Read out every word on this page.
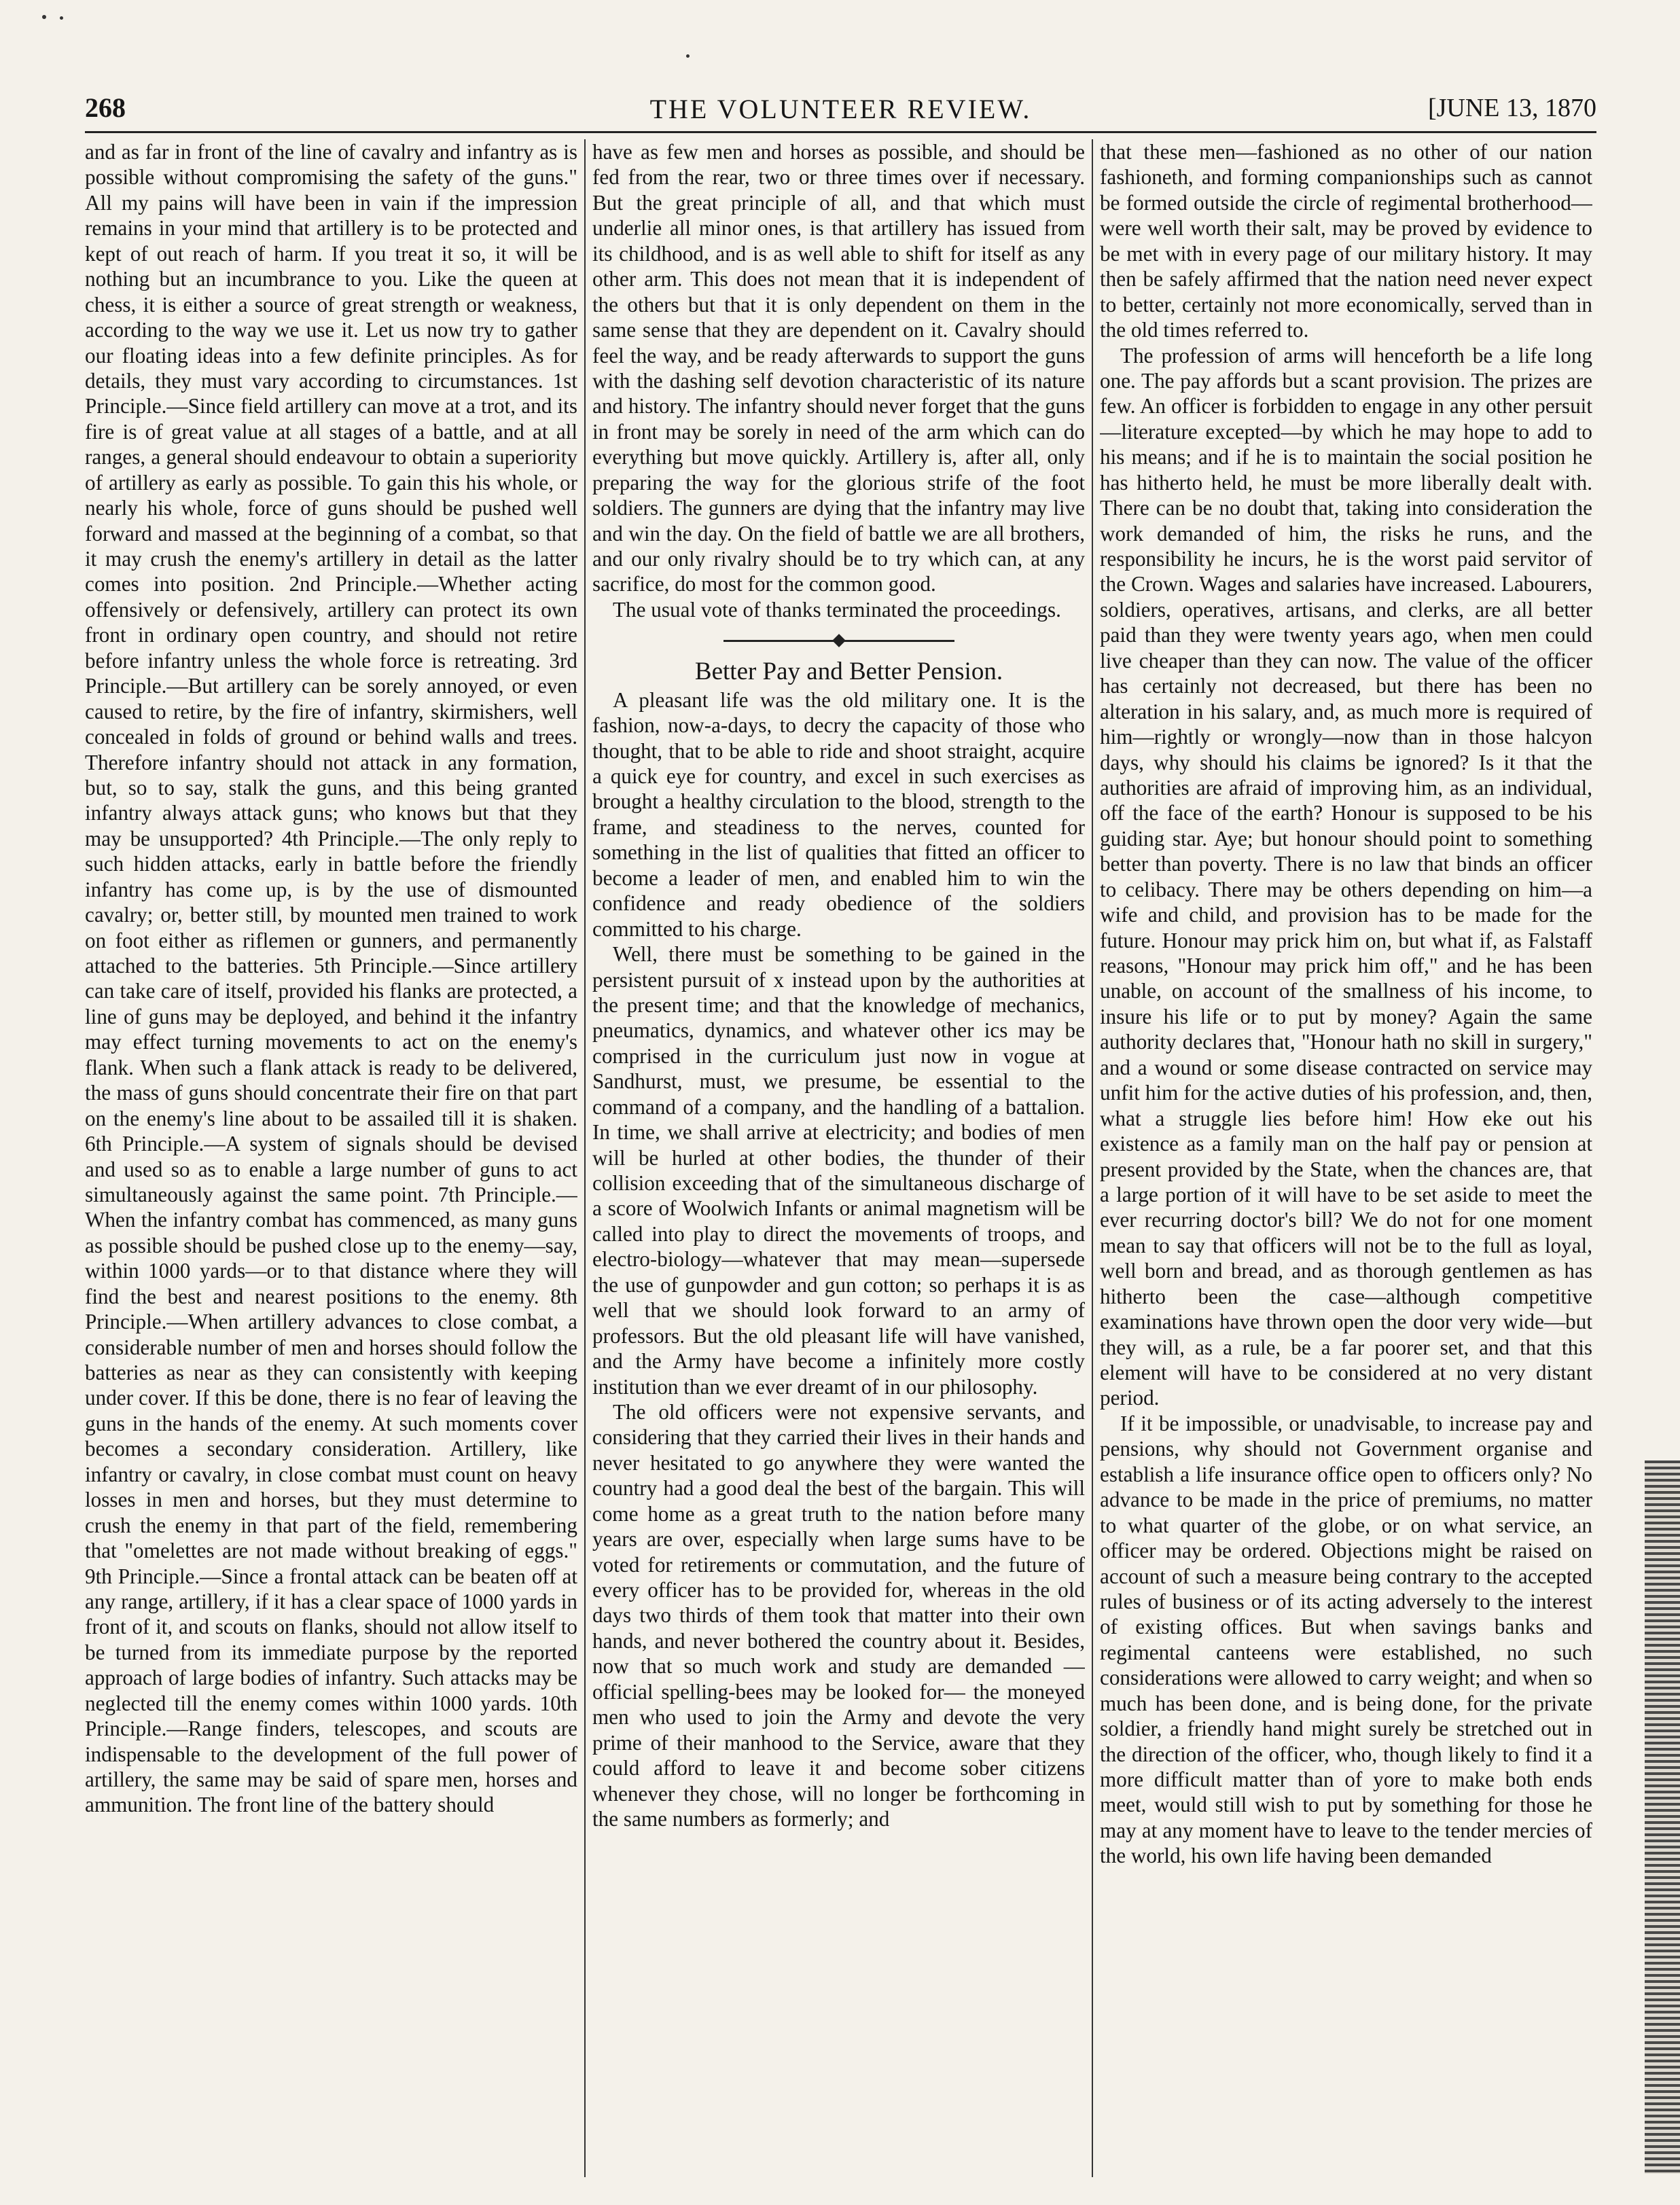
268	THE VOLUNTEER REVIEW.	[JUNE 13, 1870

and as far in front of the line of cavalry and infantry as is possible without compromising the safety of the guns." All my pains will have been in vain if the impression remains in your mind that artillery is to be protected and kept of out reach of harm. If you treat it so, it will be nothing but an incumbrance to you. Like the queen at chess, it is either a source of great strength or weakness, according to the way we use it. Let us now try to gather our floating ideas into a few definite principles. As for details, they must vary according to circumstances. 1st Principle.—Since field artillery can move at a trot, and its fire is of great value at all stages of a battle, and at all ranges, a general should endeavour to obtain a superiority of artillery as early as possible. To gain this his whole, or nearly his whole, force of guns should be pushed well forward and massed at the beginning of a combat, so that it may crush the enemy's artillery in detail as the latter comes into position. 2nd Principle.—Whether acting offensively or defensively, artillery can protect its own front in ordinary open country, and should not retire before infantry unless the whole force is retreating. 3rd Principle.—But artillery can be sorely annoyed, or even caused to retire, by the fire of infantry, skirmishers, well concealed in folds of ground or behind walls and trees. Therefore infantry should not attack in any formation, but, so to say, stalk the guns, and this being granted infantry always attack guns; who knows but that they may be unsupported? 4th Principle.—The only reply to such hidden attacks, early in battle before the friendly infantry has come up, is by the use of dismounted cavalry; or, better still, by mounted men trained to work on foot either as riflemen or gunners, and permanently attached to the batteries. 5th Principle.—Since artillery can take care of itself, provided his flanks are protected, a line of guns may be deployed, and behind it the infantry may effect turning movements to act on the enemy's flank. When such a flank attack is ready to be delivered, the mass of guns should concentrate their fire on that part on the enemy's line about to be assailed till it is shaken. 6th Principle.—A system of signals should be devised and used so as to enable a large number of guns to act simultaneously against the same point. 7th Principle.—When the infantry combat has commenced, as many guns as possible should be pushed close up to the enemy—say, within 1000 yards—or to that distance where they will find the best and nearest positions to the enemy. 8th Principle.—When artillery advances to close combat, a considerable number of men and horses should follow the batteries as near as they can consistently with keeping under cover. If this be done, there is no fear of leaving the guns in the hands of the enemy. At such moments cover becomes a secondary consideration. Artillery, like infantry or cavalry, in close combat must count on heavy losses in men and horses, but they must determine to crush the enemy in that part of the field, remembering that "omelettes are not made without breaking of eggs." 9th Principle.—Since a frontal attack can be beaten off at any range, artillery, if it has a clear space of 1000 yards in front of it, and scouts on flanks, should not allow itself to be turned from its immediate purpose by the reported approach of large bodies of infantry. Such attacks may be neglected till the enemy comes within 1000 yards. 10th Principle.—Range finders, telescopes, and scouts are indispensable to the development of the full power of artillery, the same may be said of spare men, horses and ammunition. The front line of the battery should

have as few men and horses as possible, and should be fed from the rear, two or three times over if necessary. But the great principle of all, and that which must underlie all minor ones, is that artillery has issued from its childhood, and is as well able to shift for itself as any other arm. This does not mean that it is independent of the others but that it is only dependent on them in the same sense that they are dependent on it. Cavalry should feel the way, and be ready afterwards to support the guns with the dashing self devotion characteristic of its nature and history. The infantry should never forget that the guns in front may be sorely in need of the arm which can do everything but move quickly. Artillery is, after all, only preparing the way for the glorious strife of the foot soldiers. The gunners are dying that the infantry may live and win the day. On the field of battle we are all brothers, and our only rivalry should be to try which can, at any sacrifice, do most for the common good.

The usual vote of thanks terminated the proceedings.

Better Pay and Better Pension.

A pleasant life was the old military one. It is the fashion, now-a-days, to decry the capacity of those who thought, that to be able to ride and shoot straight, acquire a quick eye for country, and excel in such exercises as brought a healthy circulation to the blood, strength to the frame, and steadiness to the nerves, counted for something in the list of qualities that fitted an officer to become a leader of men, and enabled him to win the confidence and ready obedience of the soldiers committed to his charge.

Well, there must be something to be gained in the persistent pursuit of x instead upon by the authorities at the present time; and that the knowledge of mechanics, pneumatics, dynamics, and whatever other ics may be comprised in the curriculum just now in vogue at Sandhurst, must, we presume, be essential to the command of a company, and the handling of a battalion. In time, we shall arrive at electricity; and bodies of men will be hurled at other bodies, the thunder of their collision exceeding that of the simultaneous discharge of a score of Woolwich Infants or animal magnetism will be called into play to direct the movements of troops, and electro-biology—whatever that may mean—supersede the use of gunpowder and gun cotton; so perhaps it is as well that we should look forward to an army of professors. But the old pleasant life will have vanished, and the Army have become a infinitely more costly institution than we ever dreamt of in our philosophy.

The old officers were not expensive servants, and considering that they carried their lives in their hands and never hesitated to go anywhere they were wanted the country had a good deal the best of the bargain. This will come home as a great truth to the nation before many years are over, especially when large sums have to be voted for retirements or commutation, and the future of every officer has to be provided for, whereas in the old days two thirds of them took that matter into their own hands, and never bothered the country about it. Besides, now that so much work and study are demanded —official spelling-bees may be looked for— the moneyed men who used to join the Army and devote the very prime of their manhood to the Service, aware that they could afford to leave it and become sober citizens whenever they chose, will no longer be forthcoming in the same numbers as formerly; and

that these men—fashioned as no other of our nation fashioneth, and forming companionships such as cannot be formed outside the circle of regimental brotherhood—were well worth their salt, may be proved by evidence to be met with in every page of our military history. It may then be safely affirmed that the nation need never expect to better, certainly not more economically, served than in the old times referred to.

The profession of arms will henceforth be a life long one. The pay affords but a scant provision. The prizes are few. An officer is forbidden to engage in any other persuit—literature excepted—by which he may hope to add to his means; and if he is to maintain the social position he has hitherto held, he must be more liberally dealt with. There can be no doubt that, taking into consideration the work demanded of him, the risks he runs, and the responsibility he incurs, he is the worst paid servitor of the Crown. Wages and salaries have increased. Labourers, soldiers, operatives, artisans, and clerks, are all better paid than they were twenty years ago, when men could live cheaper than they can now. The value of the officer has certainly not decreased, but there has been no alteration in his salary, and, as much more is required of him—rightly or wrongly—now than in those halcyon days, why should his claims be ignored? Is it that the authorities are afraid of improving him, as an individual, off the face of the earth? Honour is supposed to be his guiding star. Aye; but honour should point to something better than poverty. There is no law that binds an officer to celibacy. There may be others depending on him—a wife and child, and provision has to be made for the future. Honour may prick him on, but what if, as Falstaff reasons, "Honour may prick him off," and he has been unable, on account of the smallness of his income, to insure his life or to put by money? Again the same authority declares that, "Honour hath no skill in surgery," and a wound or some disease contracted on service may unfit him for the active duties of his profession, and, then, what a struggle lies before him! How eke out his existence as a family man on the half pay or pension at present provided by the State, when the chances are, that a large portion of it will have to be set aside to meet the ever recurring doctor's bill? We do not for one moment mean to say that officers will not be to the full as loyal, well born and bread, and as thorough gentlemen as has hitherto been the case—although competitive examinations have thrown open the door very wide—but they will, as a rule, be a far poorer set, and that this element will have to be considered at no very distant period.

If it be impossible, or unadvisable, to increase pay and pensions, why should not Government organise and establish a life insurance office open to officers only? No advance to be made in the price of premiums, no matter to what quarter of the globe, or on what service, an officer may be ordered. Objections might be raised on account of such a measure being contrary to the accepted rules of business or of its acting adversely to the interest of existing offices. But when savings banks and regimental canteens were established, no such considerations were allowed to carry weight; and when so much has been done, and is being done, for the private soldier, a friendly hand might surely be stretched out in the direction of the officer, who, though likely to find it a more difficult matter than of yore to make both ends meet, would still wish to put by something for those he may at any moment have to leave to the tender mercies of the world, his own life having been demanded
